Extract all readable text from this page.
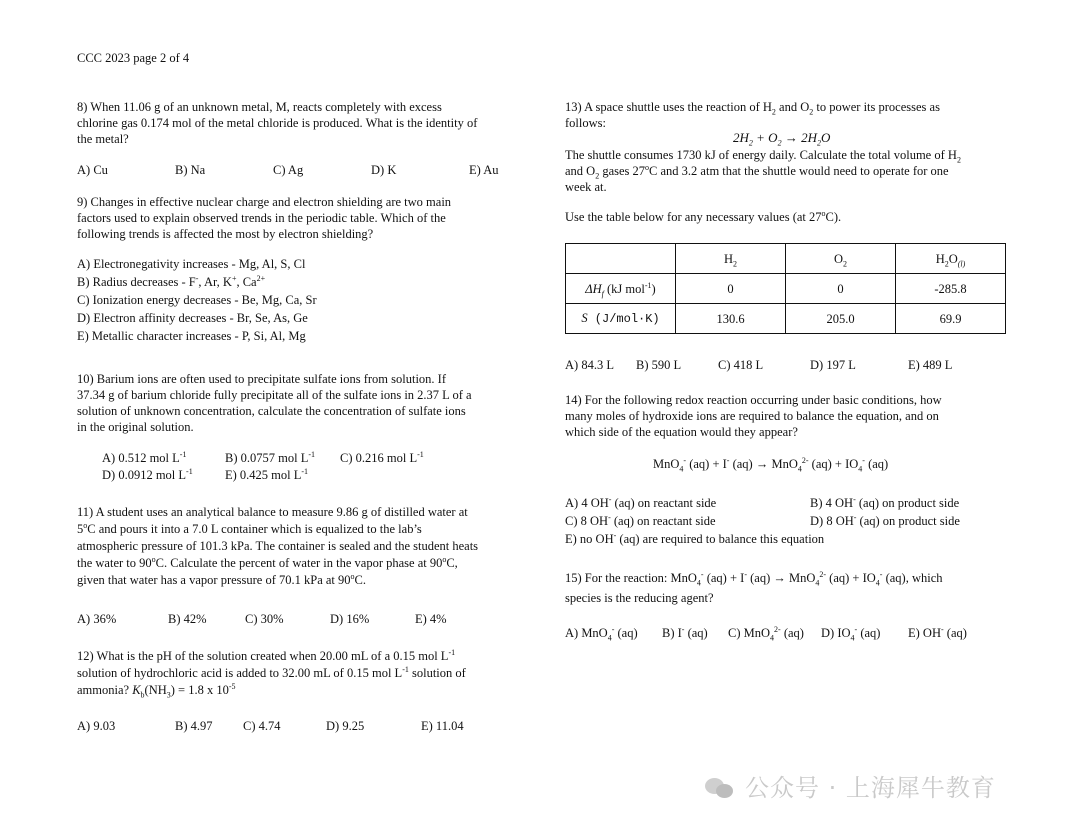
CCC 2023 page 2 of 4
8) When 11.06 g of an unknown metal, M, reacts completely with excess
chlorine gas 0.174 mol of the metal chloride is produced. What is the identity of
the metal?
A) Cu	B) Na	C) Ag	D) K	E) Au
9) Changes in effective nuclear charge and electron shielding are two main
factors used to explain observed trends in the periodic table. Which of the
following trends is affected the most by electron shielding?
A) Electronegativity increases - Mg, Al, S, Cl
B) Radius decreases - F-, Ar, K+, $Ca^{2+}$
C) Ionization energy decreases - Be, Mg, Ca, Sr
D) Electron affinity decreases - Br, Se, As, Ge
E) Metallic character increases - P, Si, Al, Mg
10) Barium ions are often used to precipitate sulfate ions from solution. If
37.34 g of barium chloride fully precipitate all of the sulfate ions in 2.37 L of a
solution of unknown concentration, calculate the concentration of sulfate ions
in the original solution.
A) 0.512 mol $L^{-1}$	B) 0.0757 mol $L^{-1}$ C) 0.216 mol $L^{-1}$
D) 0.0912 mol $L^{-1}$	E) 0.425 mol $L^{-1}$
11) A student uses an analytical balance to measure 9.86 g of distilled water at
5$^o$C and pours it into a 7.0 L container which is equalized to the lab’s
atmospheric pressure of 101.3 kPa. The container is sealed and the student heats
the water to 90$^o$C. Calculate the percent of water in the vapor phase at 90$^o$C,
given that water has a vapor pressure of 70.1 kPa at 90$^o$C.
A) 36%	B) 42%	C) 30%	D) 16%	E) 4%
12) What is the pH of the solution created when 20.00 mL of a 0.15 mol $L^{-1}$
solution of hydrochloric acid is added to 32.00 mL of 0.15 mol $L^{-1}$ solution of
ammonia? $K_b(NH_3) = 1.8$ x $10^{-5}$
A) 9.03	B) 4.97 C) 4.74	D) 9.25	E) 11.04
13) A space shuttle uses the reaction of $H_2$ and $O_2$ to power its processes as
follows:
$2H_2 + O_2 \to 2H_2O$
The shuttle consumes 1730 kJ of energy daily. Calculate the total volume of $H_2$
and $O_2$ gases 27$^o$C and 3.2 atm that the shuttle would need to operate for one
week at.
Use the table below for any necessary values (at 27$^o$C).
	$H_2$	$O_2$	$H_2O_{(l)}$
$\Delta H_f$ (kJ mol$^{-1}$)	0	0	-285.8
S (J/mol·K)	130.6	205.0	69.9
A) 84.3 L B) 590 L	C) 418 L	D) 197 L	E) 489 L
14) For the following redox reaction occurring under basic conditions, how
many moles of hydroxide ions are required to balance the equation, and on
which side of the equation would they appear?
MnO$_4$- (aq) + I- (aq) → MnO$_4^{2-}$ $(aq) + IO_4^-$ (aq)
A) 4 OH- (aq) on reactant side	B) 4 OH- (aq) on product side
C) 8 OH- (aq) on reactant side	D) 8 OH- (aq) on product side
E) no OH- (aq) are required to balance this equation
15) For the reaction: MnO$_4$- (aq) + I- (aq) → MnO$_4^{2-}$ $(aq) + IO_4^-$ (aq), which
species is the reducing agent?
A) MnO$_4$- (aq) B) I- (aq) C) MnO$_4^{2-}$ (aq) D) $IO_4^-$ (aq) E) OH- (aq)
公众号 · 上海犀牛教育
